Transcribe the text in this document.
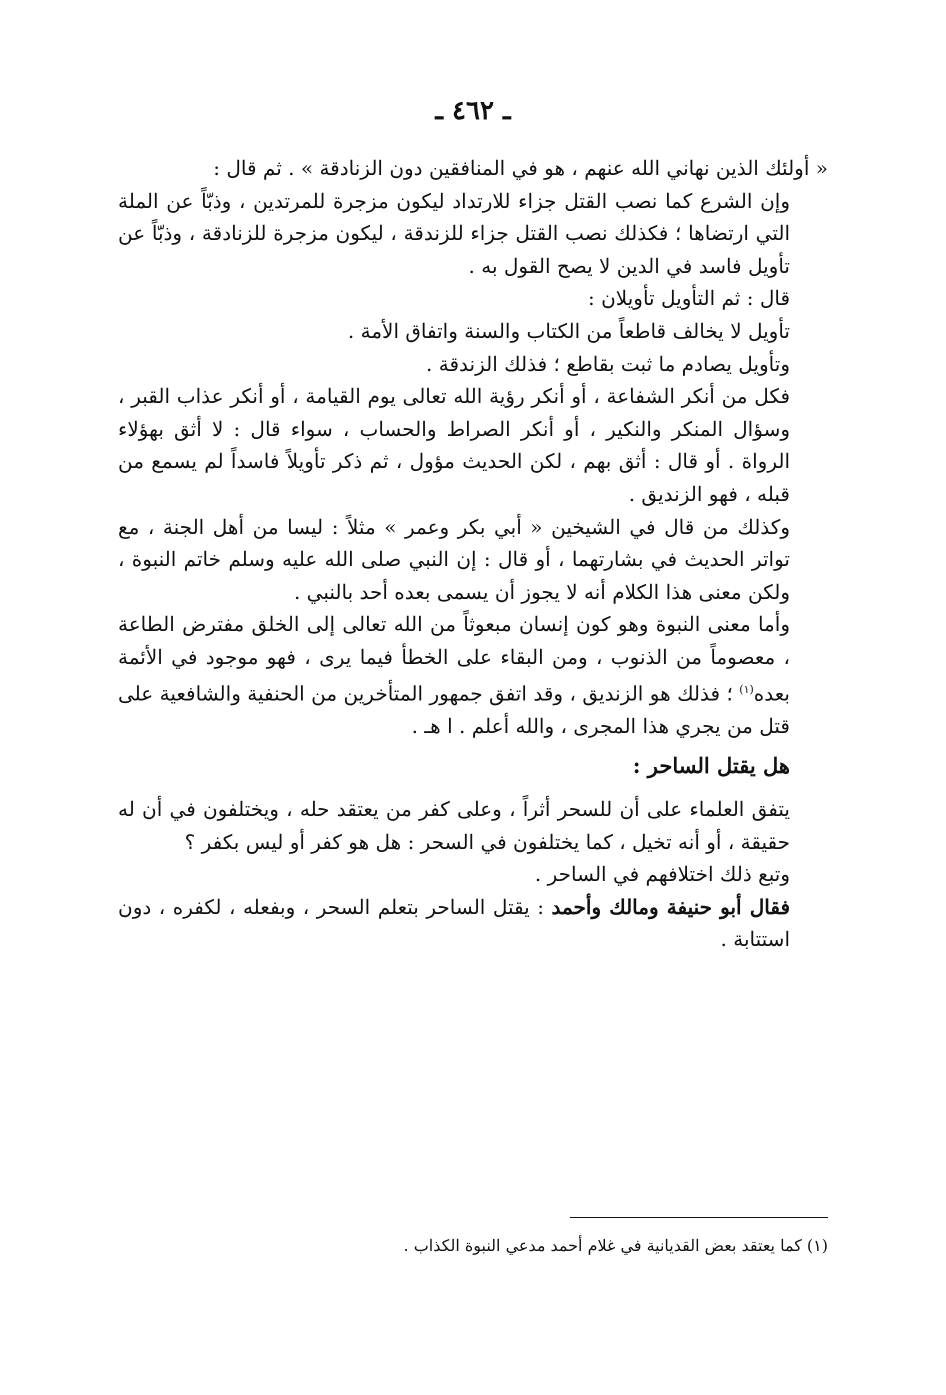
ـ ٤٦٢ ـ

« أولئك الذين نهاني الله عنهم ، هو في المنافقين دون الزنادقة » . ثم قال :

وإن الشرع كما نصب القتل جزاء للارتداد ليكون مزجرة للمرتدين ، وذبّاً عن الملة التي ارتضاها ؛ فكذلك نصب القتل جزاء للزندقة ، ليكون مزجرة للزنادقة ، وذبّاً عن تأويل فاسد في الدين لا يصح القول به .

قال : ثم التأويل تأويلان :

تأويل لا يخالف قاطعاً من الكتاب والسنة واتفاق الأمة .

وتأويل يصادم ما ثبت بقاطع ؛ فذلك الزندقة .

فكل من أنكر الشفاعة ، أو أنكر رؤية الله تعالى يوم القيامة ، أو أنكر عذاب القبر ، وسؤال المنكر والنكير ، أو أنكر الصراط والحساب ، سواء قال : لا أثق بهؤلاء الرواة . أو قال : أثق بهم ، لكن الحديث مؤول ، ثم ذكر تأويلاً فاسداً لم يسمع من قبله ، فهو الزنديق .

وكذلك من قال في الشيخين « أبي بكر وعمر » مثلاً : ليسا من أهل الجنة ، مع تواتر الحديث في بشارتهما ، أو قال : إن النبي صلى الله عليه وسلم خاتم النبوة ، ولكن معنى هذا الكلام أنه لا يجوز أن يسمى بعده أحد بالنبي .

وأما معنى النبوة وهو كون إنسان مبعوثاً من الله تعالى إلى الخلق مفترض الطاعة ، معصوماً من الذنوب ، ومن البقاء على الخطأ فيما يرى ، فهو موجود في الأئمة بعده$^{(١)}$ ؛ فذلك هو الزنديق ، وقد اتفق جمهور المتأخرين من الحنفية والشافعية على قتل من يجري هذا المجرى ، والله أعلم . ا هـ .

هل يقتل الساحر :

يتفق العلماء على أن للسحر أثراً ، وعلى كفر من يعتقد حله ، ويختلفون في أن له حقيقة ، أو أنه تخيل ، كما يختلفون في السحر : هل هو كفر أو ليس بكفر ؟

وتبع ذلك اختلافهم في الساحر .

فقال أبو حنيفة ومالك وأحمد : يقتل الساحر بتعلم السحر ، وبفعله ، لكفره ، دون استتابة .

(١) كما يعتقد بعض القديانية في غلام أحمد مدعي النبوة الكذاب .
